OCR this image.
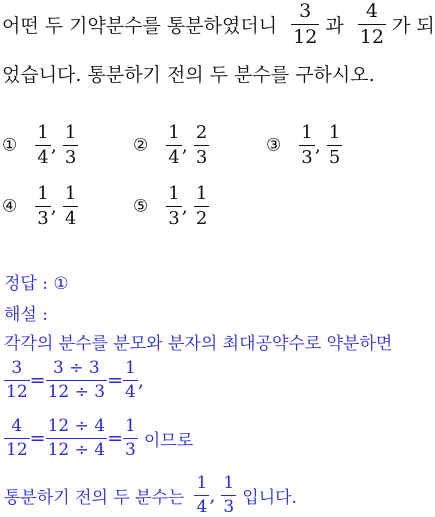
어떤 두 기약분수를 통분하였더니 $\frac{3}{12}$ 과 $\frac{4}{12}$ 가 되
었습니다. 통분하기 전의 두 분수를 구하시오.
① $\frac{1}{4}$ , $\frac{1}{3}$	② $\frac{1}{4}$ , $\frac{2}{3}$	③ $\frac{1}{3}$ , $\frac{1}{5}$
④ $\frac{1}{3}$ , $\frac{1}{4}$	⑤ $\frac{1}{3}$ , $\frac{1}{2}$
정답 : ①
해설 :
각각의 분수를 분모와 분자의 최대공약수로 약분하면
$\frac{3}{12} = \frac{3 \div 3}{12 \div 3} = \frac{1}{4}$ ,
$\frac{4}{12} = \frac{12 \div 4}{12 \div 4} = \frac{1}{3}$ 이므로
통분하기 전의 두 분수는 $\frac{1}{4}$ , $\frac{1}{3}$ 입니다.
